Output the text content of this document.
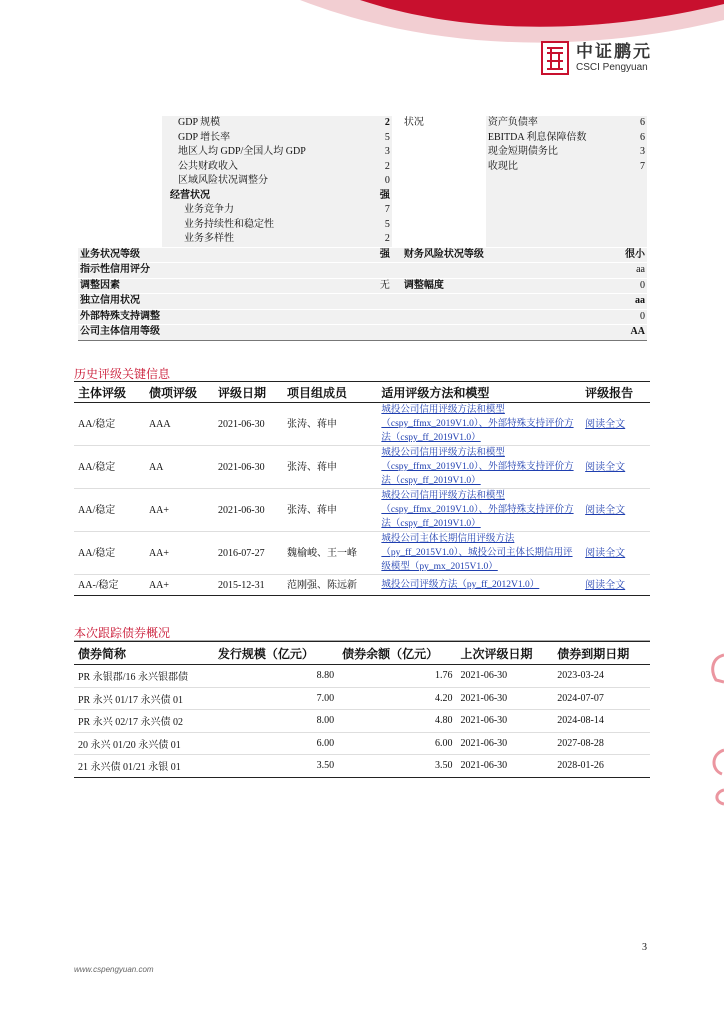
中证鹏元
CSCI Pengyuan
	GDP 规模	2	状况	资产负债率	6
	GDP 增长率	5		EBITDA 利息保障倍数	6
	地区人均 GDP/全国人均 GDP	3		现金短期债务比	3
	公共财政收入	2		收现比	7
	区域风险状况调整分	0			
	经营状况	强			
	业务竞争力	7			
	业务持续性和稳定性	5			
	业务多样性	2			
业务状况等级		强	财务风险状况等级		很小
指示性信用评分					aa
调整因素		无	调整幅度		0
独立信用状况					aa
外部特殊支持调整					0
公司主体信用等级					AA
历史评级关键信息
主体评级	债项评级	评级日期	项目组成员	适用评级方法和模型	评级报告
AA/稳定	AAA	2021-06-30	张涛、蒋申	城投公司信用评级方法和模型（cspy_ffmx_2019V1.0）、外部特殊支持评价方法（cspy_ff_2019V1.0）	阅读全文
AA/稳定	AA	2021-06-30	张涛、蒋申	城投公司信用评级方法和模型（cspy_ffmx_2019V1.0）、外部特殊支持评价方法（cspy_ff_2019V1.0）	阅读全文
AA/稳定	AA+	2021-06-30	张涛、蒋申	城投公司信用评级方法和模型（cspy_ffmx_2019V1.0）、外部特殊支持评价方法（cspy_ff_2019V1.0）	阅读全文
AA/稳定	AA+	2016-07-27	魏榆峻、王一峰	城投公司主体长期信用评级方法（py_ff_2015V1.0）、城投公司主体长期信用评级模型（py_mx_2015V1.0）	阅读全文
AA-/稳定	AA+	2015-12-31	范刚强、陈远新	城投公司评级方法（py_ff_2012V1.0）	阅读全文
本次跟踪债券概况
债券简称	发行规模（亿元）	债券余额（亿元）	上次评级日期	债券到期日期
PR 永银郡/16 永兴银郡债	8.80	1.76	2021-06-30	2023-03-24
PR 永兴 01/17 永兴债 01	7.00	4.20	2021-06-30	2024-07-07
PR 永兴 02/17 永兴债 02	8.00	4.80	2021-06-30	2024-08-14
20 永兴 01/20 永兴债 01	6.00	6.00	2021-06-30	2027-08-28
21 永兴债 01/21 永银 01	3.50	3.50	2021-06-30	2028-01-26
3
www.cspengyuan.com
